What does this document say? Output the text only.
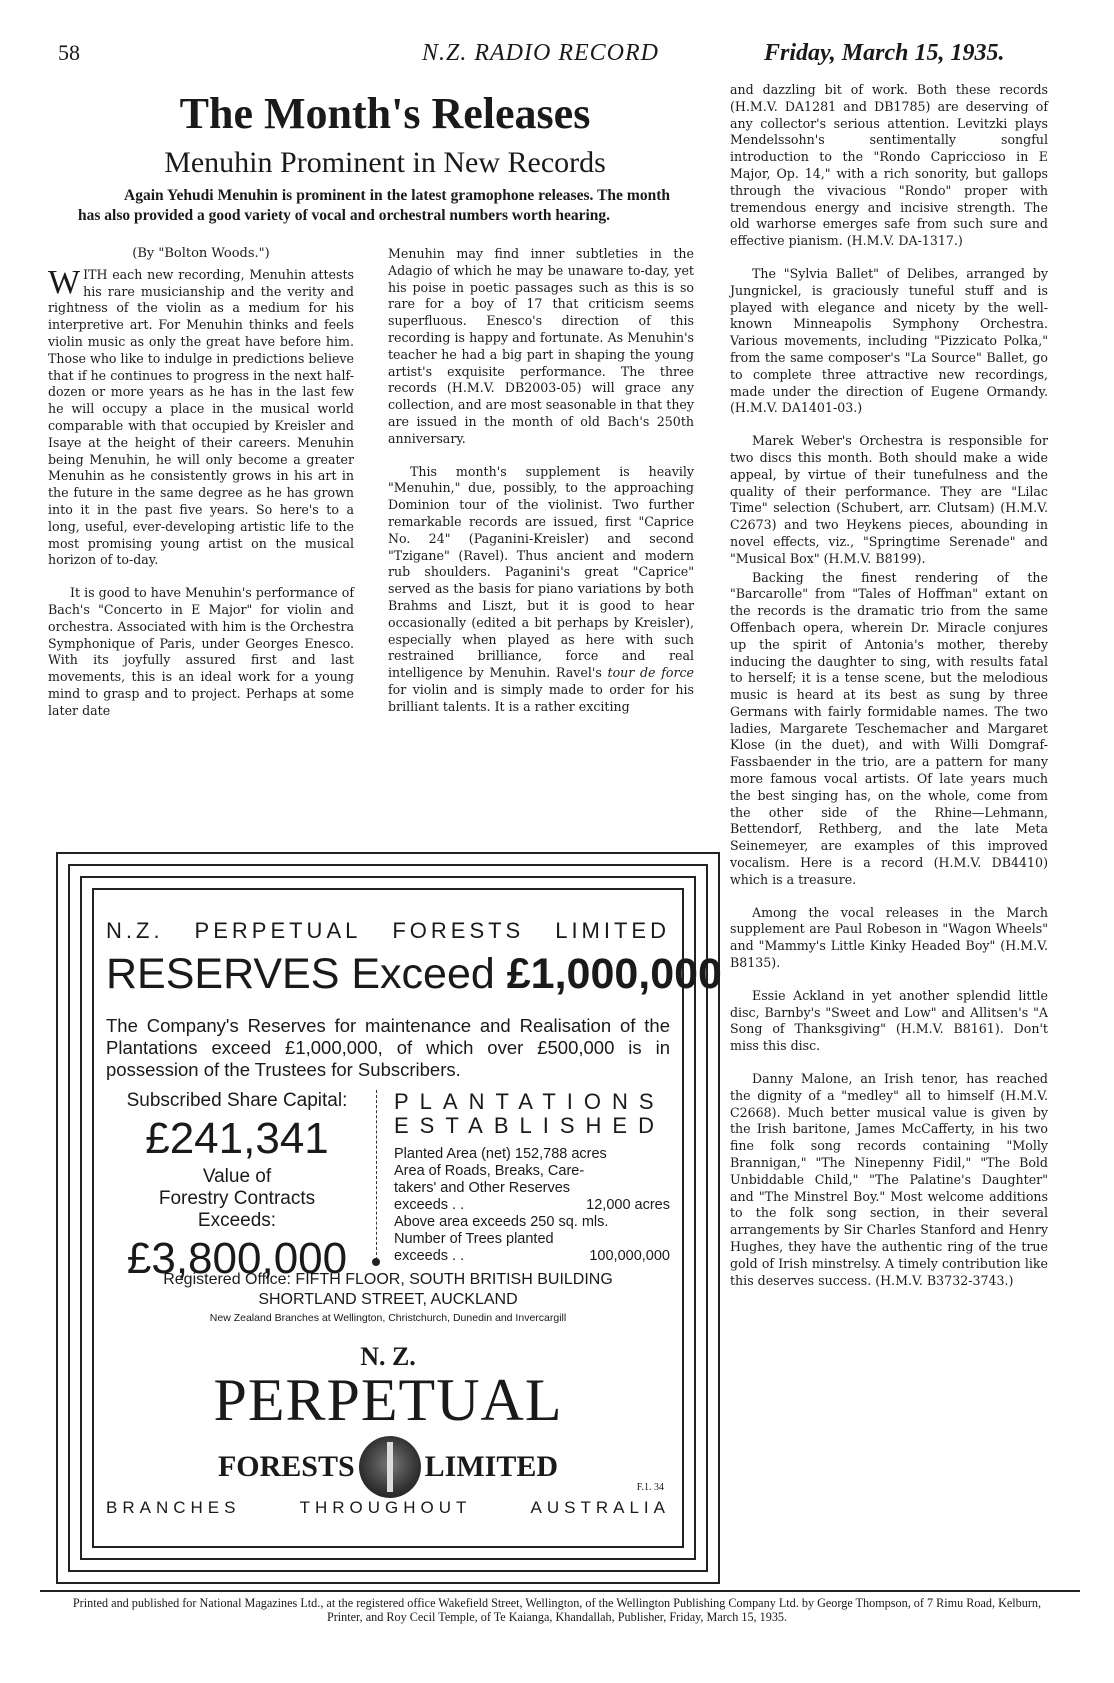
58	N.Z. RADIO RECORD	Friday, March 15, 1935.
The Month's Releases
Menuhin Prominent in New Records
Again Yehudi Menuhin is prominent in the latest gramophone releases. The month has also provided a good variety of vocal and orchestral numbers worth hearing.
(By "Bolton Woods.")

WITH each new recording, Menuhin attests his rare musicianship and the verity and rightness of the violin as a medium for his interpretive art. For Menuhin thinks and feels violin music as only the great have before him. Those who like to indulge in predictions believe that if he continues to progress in the next half-dozen or more years as he has in the last few he will occupy a place in the musical world comparable with that occupied by Kreisler and Isaye at the height of their careers. Menuhin being Menuhin, he will only become a greater Menuhin as he consistently grows in his art in the future in the same degree as he has grown into it in the past five years. So here's to a long, useful, ever-developing artistic life to the most promising young artist on the musical horizon of to-day.

It is good to have Menuhin's performance of Bach's "Concerto in E Major" for violin and orchestra. Associated with him is the Orchestra Symphonique of Paris, under Georges Enesco. With its joyfully assured first and last movements, this is an ideal work for a young mind to grasp and to project. Perhaps at some later date

Menuhin may find inner subtleties in the Adagio of which he may be unaware to-day, yet his poise in poetic passages such as this is so rare for a boy of 17 that criticism seems superfluous. Enesco's direction of this recording is happy and fortunate. As Menuhin's teacher he had a big part in shaping the young artist's exquisite performance. The three records (H.M.V. DB2003-05) will grace any collection, and are most seasonable in that they are issued in the month of old Bach's 250th anniversary.

This month's supplement is heavily "Menuhin," due, possibly, to the approaching Dominion tour of the violinist. Two further remarkable records are issued, first "Caprice No. 24" (Paganini-Kreisler) and second "Tzigane" (Ravel). Thus ancient and modern rub shoulders. Paganini's great "Caprice" served as the basis for piano variations by both Brahms and Liszt, but it is good to hear occasionally (edited a bit perhaps by Kreisler), especially when played as here with such restrained brilliance, force and real intelligence by Menuhin. Ravel's tour de force for violin and is simply made to order for his brilliant talents. It is a rather exciting

and dazzling bit of work. Both these records (H.M.V. DA1281 and DB1785) are deserving of any collector's serious attention. Levitzki plays Mendelssohn's sentimentally songful introduction to the "Rondo Capriccioso in E Major, Op. 14," with a rich sonority, but gallops through the vivacious "Rondo" proper with tremendous energy and incisive strength. The old warhorse emerges safe from such sure and effective pianism. (H.M.V. DA-1317.)

The "Sylvia Ballet" of Delibes, arranged by Jungnickel, is graciously tuneful stuff and is played with elegance and nicety by the well-known Minneapolis Symphony Orchestra. Various movements, including "Pizzicato Polka," from the same composer's "La Source" Ballet, go to complete three attractive new recordings, made under the direction of Eugene Ormandy. (H.M.V. DA1401-03.)

Marek Weber's Orchestra is responsible for two discs this month. Both should make a wide appeal, by virtue of their tunefulness and the quality of their performance. They are "Lilac Time" selection (Schubert, arr. Clutsam) (H.M.V. C2673) and two Heykens pieces, abounding in novel effects, viz., "Springtime Serenade" and "Musical Box" (H.M.V. B8199).

Backing the finest rendering of the "Barcarolle" from "Tales of Hoffman" extant on the records is the dramatic trio from the same Offenbach opera, wherein Dr. Miracle conjures up the spirit of Antonia's mother, thereby inducing the daughter to sing, with results fatal to herself; it is a tense scene, but the melodious music is heard at its best as sung by three Germans with fairly formidable names. The two ladies, Margarete Teschemacher and Margaret Klose (in the duet), and with Willi Domgraf-Fassbaender in the trio, are a pattern for many more famous vocal artists. Of late years much the best singing has, on the whole, come from the other side of the Rhine—Lehmann, Bettendorf, Rethberg, and the late Meta Seinemeyer, are examples of this improved vocalism. Here is a record (H.M.V. DB4410) which is a treasure.

Among the vocal releases in the March supplement are Paul Robeson in "Wagon Wheels" and "Mammy's Little Kinky Headed Boy" (H.M.V. B8135).

Essie Ackland in yet another splendid little disc, Barnby's "Sweet and Low" and Allitsen's "A Song of Thanksgiving" (H.M.V. B8161). Don't miss this disc.

Danny Malone, an Irish tenor, has reached the dignity of a "medley" all to himself (H.M.V. C2668). Much better musical value is given by the Irish baritone, James McCafferty, in his two fine folk song records containing "Molly Brannigan," "The Ninepenny Fidil," "The Bold Unbiddable Child," "The Palatine's Daughter" and "The Minstrel Boy." Most welcome additions to the folk song section, in their several arrangements by Sir Charles Stanford and Henry Hughes, they have the authentic ring of the true gold of Irish minstrelsy. A timely contribution like this deserves success. (H.M.V. B3732-3743.)

N.Z. PERPETUAL FORESTS LIMITED
RESERVES Exceed £1,000,000
The Company's Reserves for maintenance and Realisation of the Plantations exceed £1,000,000, of which over £500,000 is in possession of the Trustees for Subscribers.
Subscribed Share Capital:
£241,341
Value of
Forestry Contracts
Exceeds:
£3,800,000
PLANTATIONS
ESTABLISHED
Planted Area (net) 152,788 acres
Area of Roads, Breaks, Care-
takers' and Other Reserves
exceeds . .	12,000 acres
Above area exceeds 250 sq. mls.
Number of Trees planted
exceeds . .	100,000,000
Registered Office: FIFTH FLOOR, SOUTH BRITISH BUILDING
SHORTLAND STREET, AUCKLAND
New Zealand Branches at Wellington, Christchurch, Dunedin and Invercargill
N. Z.
PERPETUAL
FORESTS LIMITED
F.1. 34
BRANCHES	THROUGHOUT	AUSTRALIA
Printed and published for National Magazines Ltd., at the registered office Wakefield Street, Wellington, of the Wellington Publishing Company Ltd. by George Thompson, of 7 Rimu Road, Kelburn, Printer, and Roy Cecil Temple, of Te Kaianga, Khandallah, Publisher, Friday, March 15, 1935.
